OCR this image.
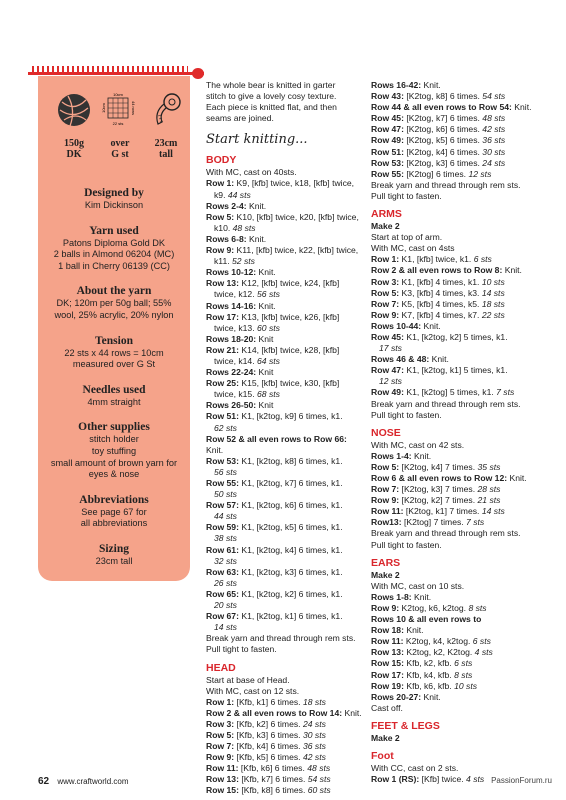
10cm
22 sts
10cm	44 rows
150g
DK
over
G st
23cm
tall

Designed by

Kim Dickinson

Yarn used

Patons Diploma Gold DK

2 balls in Almond 06204 (MC)

1 ball in Cherry 06139 (CC)

About the yarn

DK; 120m per 50g ball; 55%

wool, 25% acrylic, 20% nylon

Tension

22 sts x 44 rows = 10cm

measured over G St

Needles used

4mm straight

Other supplies

stitch holder

toy stuffing

small amount of brown yarn for

eyes & nose

Abbreviations

See page 67 for

all abbreviations

Sizing

23cm tall

The whole bear is knitted in garter

stitch to give a lovely cosy texture.

Each piece is knitted flat, and then

seams are joined.

Start knitting...

BODY

With MC, cast on 40sts.

Row 1: K9, [kfb] twice, k18, [kfb] twice,

k9. 44 sts

Rows 2-4: Knit.

Row 5: K10, [kfb] twice, k20, [kfb] twice,

k10. 48 sts

Rows 6-8: Knit.

Row 9: K11, [kfb] twice, k22, [kfb] twice,

k11. 52 sts

Rows 10-12: Knit.

Row 13: K12, [kfb] twice, k24, [kfb]

twice, k12. 56 sts

Rows 14-16: Knit.

Row 17: K13, [kfb] twice, k26, [kfb]

twice, k13. 60 sts

Rows 18-20: Knit

Row 21: K14, [kfb] twice, k28, [kfb]

twice, k14. 64 sts

Rows 22-24: Knit

Row 25: K15, [kfb] twice, k30, [kfb]

twice, k15. 68 sts

Rows 26-50: Knit

Row 51: K1, [k2tog, k9] 6 times, k1.

62 sts

Row 52 & all even rows to Row 66: Knit.

Row 53: K1, [k2tog, k8] 6 times, k1.

56 sts

Row 55: K1, [k2tog, k7] 6 times, k1.

50 sts

Row 57: K1, [k2tog, k6] 6 times, k1.

44 sts

Row 59: K1, [k2tog, k5] 6 times, k1.

38 sts

Row 61: K1, [k2tog, k4] 6 times, k1.

32 sts

Row 63: K1, [k2tog, k3] 6 times, k1.

26 sts

Row 65: K1, [k2tog, k2] 6 times, k1.

20 sts

Row 67: K1, [k2tog, k1] 6 times, k1.

14 sts

Break yarn and thread through rem sts.

Pull tight to fasten.

HEAD

Start at base of Head.

With MC, cast on 12 sts.

Row 1: [Kfb, k1] 6 times. 18 sts

Row 2 & all even rows to Row 14: Knit.

Row 3: [Kfb, k2] 6 times. 24 sts

Row 5: [Kfb, k3] 6 times. 30 sts

Row 7: [Kfb, k4] 6 times. 36 sts

Row 9: [Kfb, k5] 6 times. 42 sts

Row 11: [Kfb, k6] 6 times. 48 sts

Row 13: [Kfb, k7] 6 times. 54 sts

Row 15: [Kfb, k8] 6 times. 60 sts

Rows 16-42: Knit.

Row 43: [K2tog, k8] 6 times. 54 sts

Row 44 & all even rows to Row 54: Knit.

Row 45: [K2tog, k7] 6 times. 48 sts

Row 47: [K2tog, k6] 6 times. 42 sts

Row 49: [K2tog, k5] 6 times. 36 sts

Row 51: [K2tog, k4] 6 times. 30 sts

Row 53: [K2tog, k3] 6 times. 24 sts

Row 55: [K2tog] 6 times. 12 sts

Break yarn and thread through rem sts.

Pull tight to fasten.

ARMS

Make 2

Start at top of arm.

With MC, cast on 4sts

Row 1: K1, [kfb] twice, k1. 6 sts

Row 2 & all even rows to Row 8: Knit.

Row 3: K1, [kfb] 4 times, k1. 10 sts

Row 5: K3, [kfb] 4 times, k3. 14 sts

Row 7: K5, [kfb] 4 times, k5. 18 sts

Row 9: K7, [kfb] 4 times, k7. 22 sts

Rows 10-44: Knit.

Row 45: K1, [k2tog, k2] 5 times, k1.

17 sts

Rows 46 & 48: Knit.

Row 47: K1, [k2tog, k1] 5 times, k1.

12 sts

Row 49: K1, [k2tog] 5 times, k1. 7 sts

Break yarn and thread through rem sts.

Pull tight to fasten.

NOSE

With MC, cast on 42 sts.

Rows 1-4: Knit.

Row 5: [K2tog, k4] 7 times. 35 sts

Row 6 & all even rows to Row 12: Knit.

Row 7: [K2tog, k3] 7 times. 28 sts

Row 9: [K2tog, k2] 7 times. 21 sts

Row 11: [K2tog, k1] 7 times. 14 sts

Row13: [K2tog] 7 times. 7 sts

Break yarn and thread through rem sts.

Pull tight to fasten.

EARS

Make 2

With MC, cast on 10 sts.

Rows 1-8: Knit.

Row 9: K2tog, k6, k2tog. 8 sts

Rows 10 & all even rows to

Row 18: Knit.

Row 11: K2tog, k4, k2tog. 6 sts

Row 13: K2tog, k2, K2tog. 4 sts

Row 15: Kfb, k2, kfb. 6 sts

Row 17: Kfb, k4, kfb. 8 sts

Row 19: Kfb, k6, kfb. 10 sts

Rows 20-27: Knit.

Cast off.

FEET & LEGS

Make 2

Foot

With CC, cast on 2 sts.

Row 1 (RS): [Kfb] twice. 4 sts

62 www.craftworld.com	PassionForum.ru
